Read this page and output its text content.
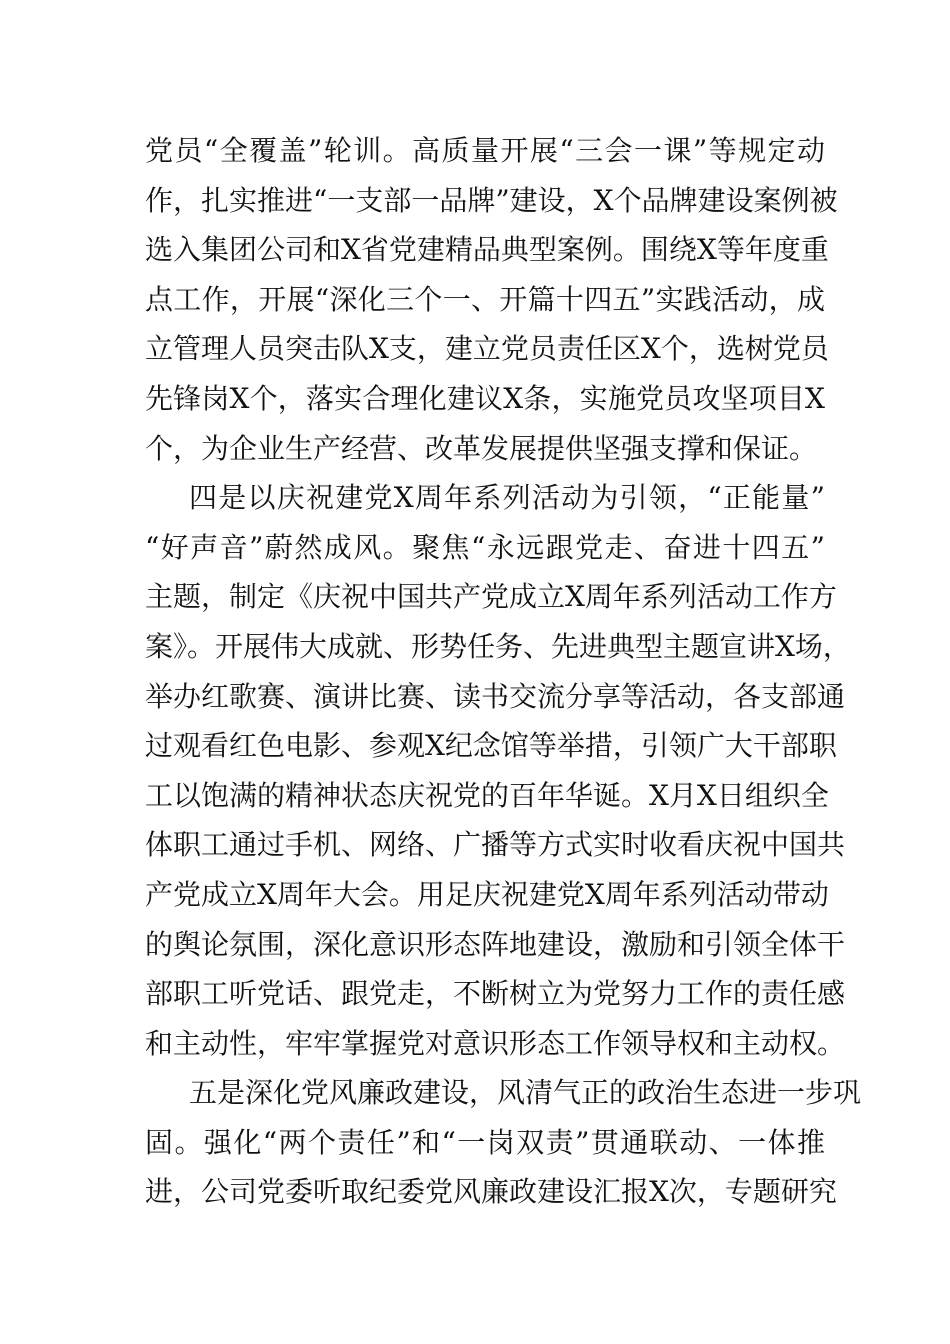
党员“全覆盖”轮训。高质量开展“三会一课”等规定动
作，扎实推进“一支部一品牌”建设，X个品牌建设案例被
选入集团公司和X省党建精品典型案例。围绕X等年度重
点工作，开展“深化三个一、开篇十四五”实践活动，成
立管理人员突击队X支，建立党员责任区X个，选树党员
先锋岗X个，落实合理化建议X条，实施党员攻坚项目X
个，为企业生产经营、改革发展提供坚强支撑和保证。
四是以庆祝建党X周年系列活动为引领，“正能量”
“好声音”蔚然成风。聚焦“永远跟党走、奋进十四五”
主题，制定《庆祝中国共产党成立X周年系列活动工作方
案》。开展伟大成就、形势任务、先进典型主题宣讲X场，
举办红歌赛、演讲比赛、读书交流分享等活动，各支部通
过观看红色电影、参观X纪念馆等举措，引领广大干部职
工以饱满的精神状态庆祝党的百年华诞。X月X日组织全
体职工通过手机、网络、广播等方式实时收看庆祝中国共
产党成立X周年大会。用足庆祝建党X周年系列活动带动
的舆论氛围，深化意识形态阵地建设，激励和引领全体干
部职工听党话、跟党走，不断树立为党努力工作的责任感
和主动性，牢牢掌握党对意识形态工作领导权和主动权。
五是深化党风廉政建设，风清气正的政治生态进一步巩
固。强化“两个责任”和“一岗双责”贯通联动、一体推
进，公司党委听取纪委党风廉政建设汇报X次，专题研究
